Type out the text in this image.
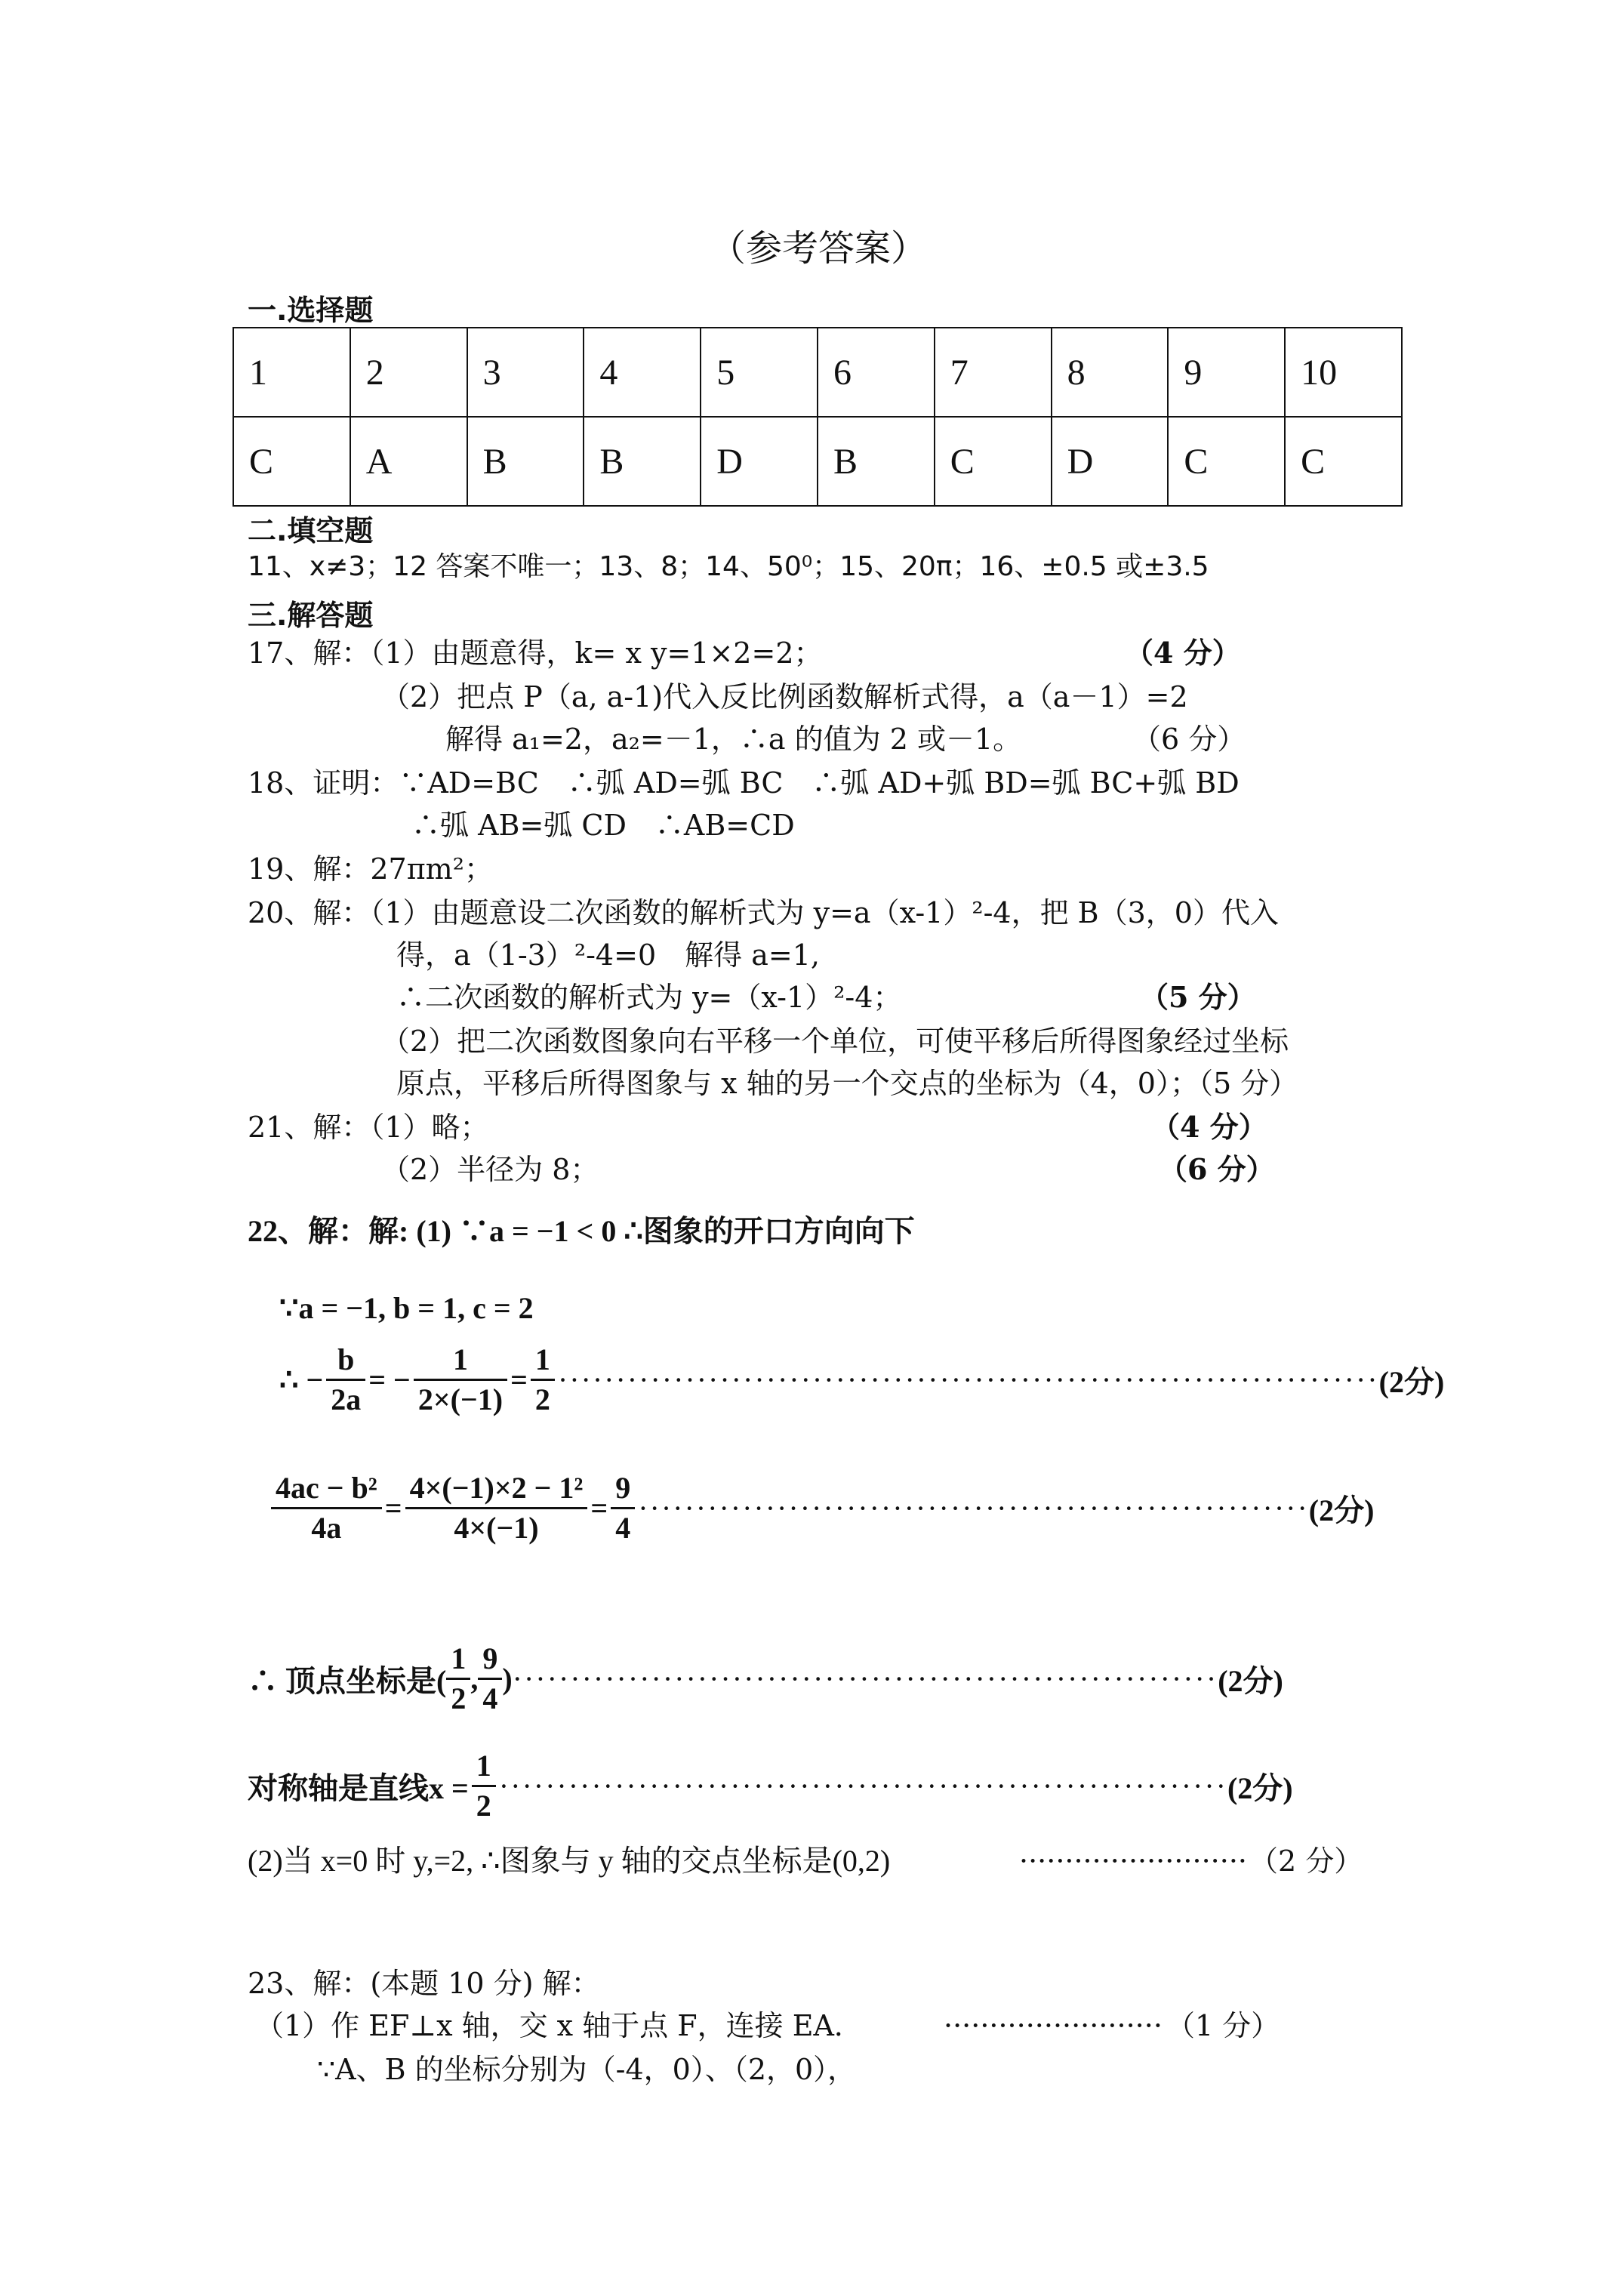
（参考答案）
一.选择题
1	2	3	4	5	6	7	8	9	10
C	A	B	B	D	B	C	D	C	C
二.填空题
11、x≠3；12 答案不唯一；13、8；14、50⁰；15、20π；16、±0.5 或±3.5
三.解答题
17、解：（1）由题意得，k= x y=1×2=2；	（4 分）
（2）把点 P（a, a-1)代入反比例函数解析式得，a（a－1）=2
解得 a₁=2，a₂=－1，∴a 的值为 2 或－1。	（6 分）
18、证明：∵AD=BC　∴弧 AD=弧 BC　∴弧 AD+弧 BD=弧 BC+弧 BD
∴弧 AB=弧 CD　∴AB=CD
19、解：27πm²；
20、解：（1）由题意设二次函数的解析式为 y=a（x-1）²-4，把 B（3，0）代入
得，a（1-3）²-4=0　解得 a=1,
∴二次函数的解析式为 y=（x-1）²-4；	（5 分）
（2）把二次函数图象向右平移一个单位，可使平移后所得图象经过坐标
原点，平移后所得图象与 x 轴的另一个交点的坐标为（4，0）；（5 分）
21、解：（1）略；	（4 分）
（2）半径为 8；	（6 分）
22、解：解: (1) ∵a = −1 < 0 ∴图象的开口方向向下
∵a = −1, b = 1, c = 2
∴ − $\frac{b}{2a}$ = − $\frac{1}{2\times(-1)} = \frac{1}{2}$ ······································································· (2分)
$\frac{\text{4ac − b²}}{4a} = \frac{\text{4×(−1)×2 − 1²}}{4\times(-1)} = \frac{9}{4}$ ·························································· (2分)
∴ 顶点坐标是( $\frac{1}{2}$ , $\frac{9}{4}$ ) ····························································· (2分)
对称轴是直线$x = \frac{1}{2}$ ······························································· (2分)
(2)当 x=0 时 y,=2, ∴图象与 y 轴的交点坐标是(0,2)	························· （2 分）
23、解：(本题 10 分) 解：
（1）作 EF⊥x 轴，交 x 轴于点 F，连接 EA．	························ （1 分）
∵A、B 的坐标分别为（-4，0）、（2，0），
